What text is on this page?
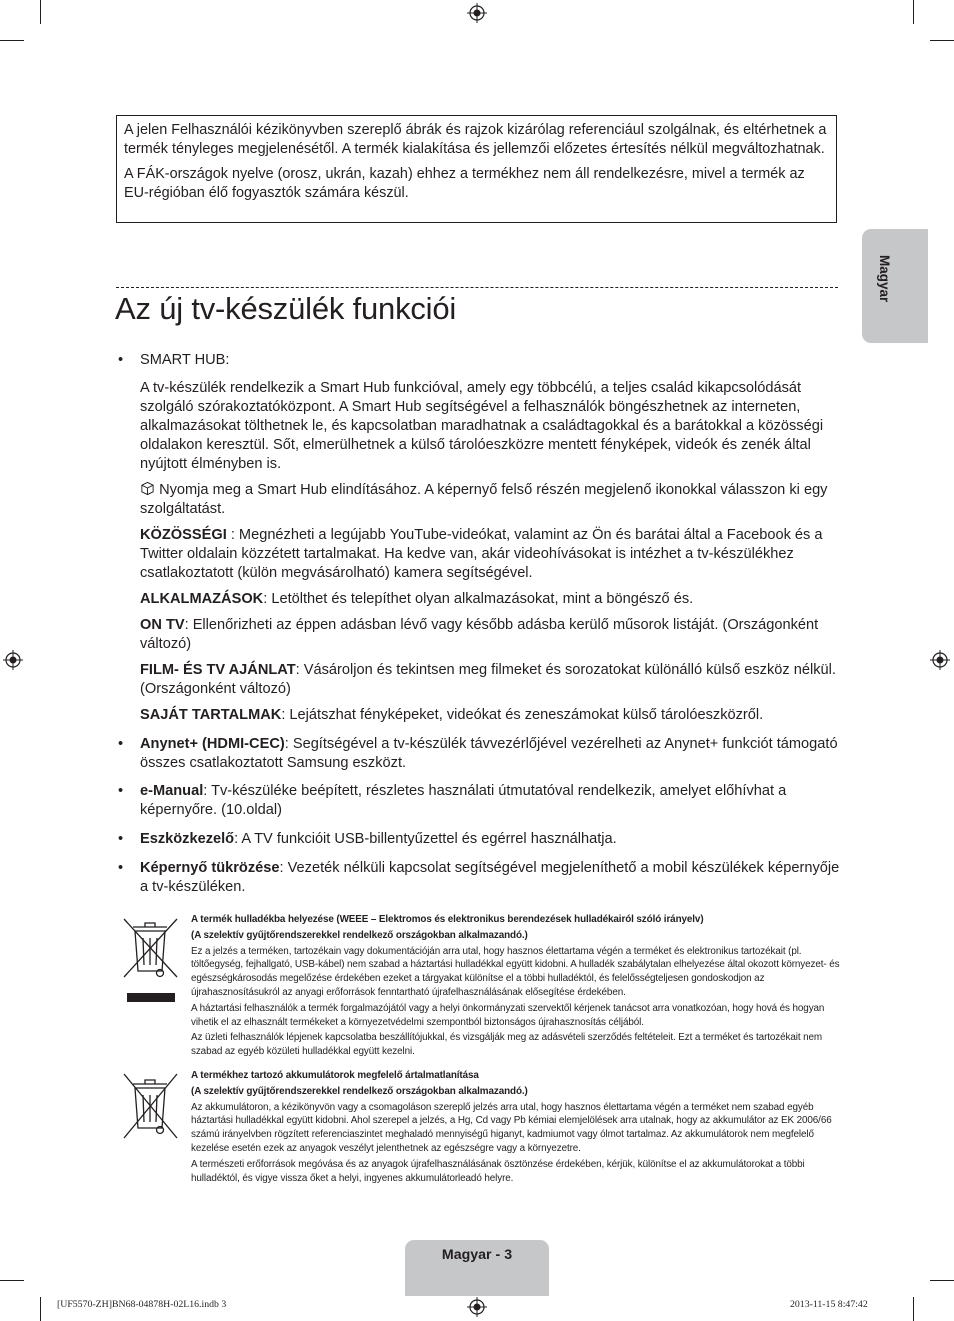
A jelen Felhasználói kézikönyvben szereplő ábrák és rajzok kizárólag referenciául szolgálnak, és eltérhetnek a termék tényleges megjelenésétől. A termék kialakítása és jellemzői előzetes értesítés nélkül megváltozhatnak.

A FÁK-országok nyelve (orosz, ukrán, kazah) ehhez a termékhez nem áll rendelkezésre, mivel a termék az EU-régióban élő fogyasztók számára készül.

Az új tv-készülék funkciói
Magyar
• SMART HUB:

A tv-készülék rendelkezik a Smart Hub funkcióval, amely egy többcélú, a teljes család kikapcsolódását szolgáló szórakoztatóközpont. A Smart Hub segítségével a felhasználók böngészhetnek az interneten, alkalmazásokat tölthetnek le, és kapcsolatban maradhatnak a családtagokkal és a barátokkal a közösségi oldalakon keresztül. Sőt, elmerülhetnek a külső tárolóeszközre mentett fényképek, videók és zenék által nyújtott élményben is.

Nyomja meg a Smart Hub elindításához. A képernyő felső részén megjelenő ikonokkal válasszon ki egy szolgáltatást.

KÖZÖSSÉGI : Megnézheti a legújabb YouTube-videókat, valamint az Ön és barátai által a Facebook és a Twitter oldalain közzétett tartalmakat. Ha kedve van, akár videohívásokat is intézhet a tv-készülékhez csatlakoztatott (külön megvásárolható) kamera segítségével.

ALKALMAZÁSOK: Letölthet és telepíthet olyan alkalmazásokat, mint a böngésző és.

ON TV: Ellenőrizheti az éppen adásban lévő vagy később adásba kerülő műsorok listáját. (Országonként változó)

FILM- ÉS TV AJÁNLAT: Vásároljon és tekintsen meg filmeket és sorozatokat különálló külső eszköz nélkül. (Országonként változó)

SAJÁT TARTALMAK: Lejátszhat fényképeket, videókat és zeneszámokat külső tárolóeszközről.

• Anynet+ (HDMI-CEC): Segítségével a tv-készülék távvezérlőjével vezérelheti az Anynet+ funkciót támogató összes csatlakoztatott Samsung eszközt.

• e-Manual: Tv-készüléke beépített, részletes használati útmutatóval rendelkezik, amelyet előhívhat a képernyőre. (10.oldal)

• Eszközkezelő: A TV funkcióit USB-billentyűzettel és egérrel használhatja.

• Képernyő tükrözése: Vezeték nélküli kapcsolat segítségével megjeleníthető a mobil készülékek képernyője a tv-készüléken.

A termék hulladékba helyezése (WEEE – Elektromos és elektronikus berendezések hulladékairól szóló irányelv)

(A szelektív gyűjtőrendszerekkel rendelkező országokban alkalmazandó.)

Ez a jelzés a terméken, tartozékain vagy dokumentációján arra utal, hogy hasznos élettartama végén a terméket és elektronikus tartozékait (pl. töltőegység, fejhallgató, USB-kábel) nem szabad a háztartási hulladékkal együtt kidobni. A hulladék szabálytalan elhelyezése által okozott környezet- és egészségkárosodás megelőzése érdekében ezeket a tárgyakat különítse el a többi hulladéktól, és felelősségteljesen gondoskodjon az újrahasznosításukról az anyagi erőforrások fenntartható újrafelhasználásának elősegítése érdekében.

A háztartási felhasználók a termék forgalmazójától vagy a helyi önkormányzati szervektől kérjenek tanácsot arra vonatkozóan, hogy hová és hogyan vihetik el az elhasznált termékeket a környezetvédelmi szempontból biztonságos újrahasznosítás céljából.

Az üzleti felhasználók lépjenek kapcsolatba beszállítójukkal, és vizsgálják meg az adásvételi szerződés feltételeit. Ezt a terméket és tartozékait nem szabad az egyéb közületi hulladékkal együtt kezelni.

A termékhez tartozó akkumulátorok megfelelő ártalmatlanítása

(A szelektív gyűjtőrendszerekkel rendelkező országokban alkalmazandó.)

Az akkumulátoron, a kézikönyvön vagy a csomagoláson szereplő jelzés arra utal, hogy hasznos élettartama végén a terméket nem szabad egyéb háztartási hulladékkal együtt kidobni. Ahol szerepel a jelzés, a Hg, Cd vagy Pb kémiai elemjelölések arra utalnak, hogy az akkumulátor az EK 2006/66 számú irányelvben rögzített referenciaszintet meghaladó mennyiségű higanyt, kadmiumot vagy ólmot tartalmaz. Az akkumulátorok nem megfelelő kezelése esetén ezek az anyagok veszélyt jelenthetnek az egészségre vagy a környezetre.

A természeti erőforrások megóvása és az anyagok újrafelhasználásának ösztönzése érdekében, kérjük, különítse el az akkumulátorokat a többi hulladéktól, és vigye vissza őket a helyi, ingyenes akkumulátorleadó helyre.

Magyar - 3
[UF5570-ZH]BN68-04878H-02L16.indb 3	2013-11-15 8:47:42
